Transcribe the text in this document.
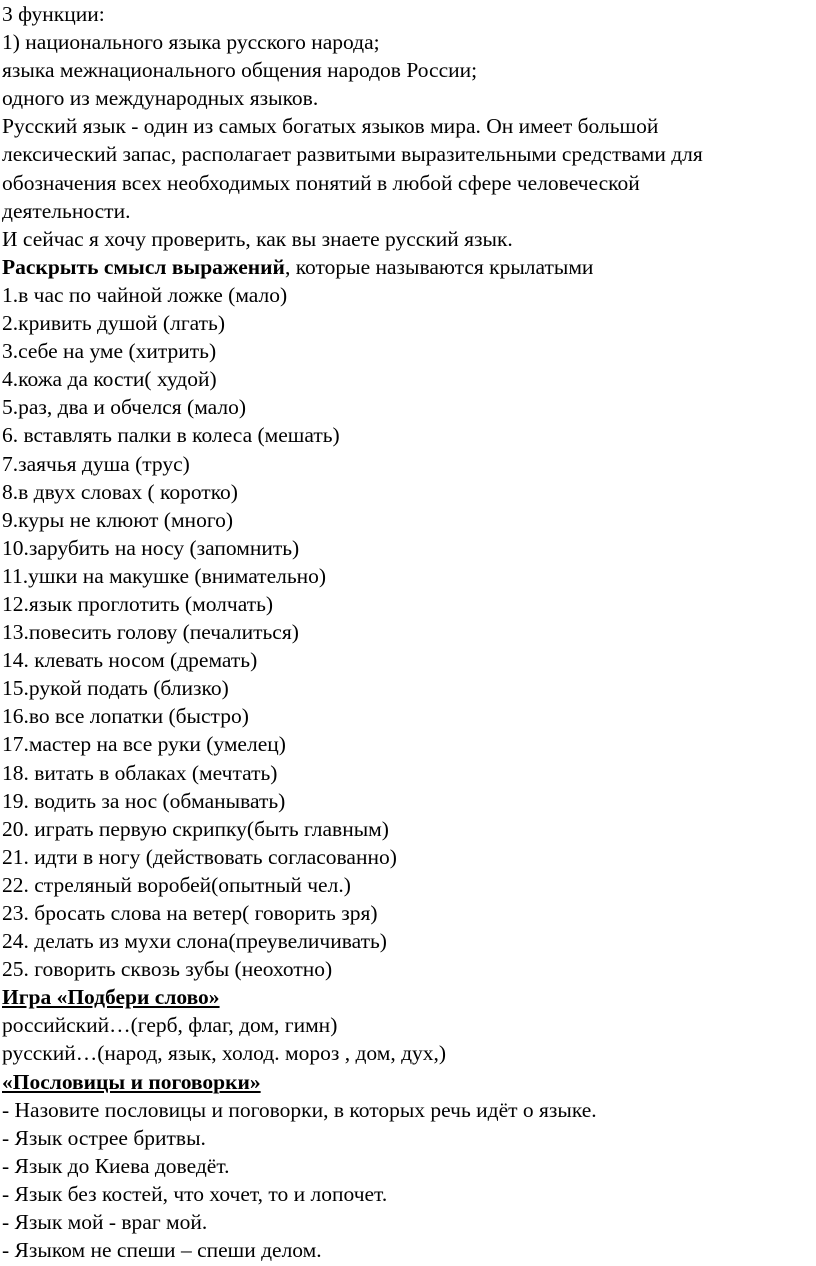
3 функции:
1) национального языка русского народа;
языка межнационального общения народов России;
одного из международных языков.
Русский язык - один из самых богатых языков мира. Он имеет большой
лексический запас, располагает развитыми выразительными средствами для
обозначения всех необходимых понятий в любой сфере человеческой
деятельности.
И сейчас я хочу проверить, как вы знаете русский язык.
Раскрыть смысл выражений, которые называются крылатыми
1.в час по чайной ложке (мало)
2.кривить душой (лгать)
3.себе на уме (хитрить)
4.кожа да кости( худой)
5.раз, два и обчелся (мало)
6. вставлять палки в колеса (мешать)
7.заячья душа (трус)
8.в двух словах ( коротко)
9.куры не клюют (много)
10.зарубить на носу (запомнить)
11.ушки на макушке (внимательно)
12.язык проглотить (молчать)
13.повесить голову (печалиться)
14. клевать носом (дремать)
15.рукой подать (близко)
16.во все лопатки (быстро)
17.мастер на все руки (умелец)
18. витать в облаках (мечтать)
19. водить за нос (обманывать)
20. играть первую скрипку(быть главным)
21. идти в ногу (действовать согласованно)
22. стреляный воробей(опытный чел.)
23. бросать слова на ветер( говорить зря)
24. делать из мухи слона(преувеличивать)
25. говорить сквозь зубы (неохотно)
Игра «Подбери слово»
российский…(герб, флаг, дом, гимн)
русский…(народ, язык, холод. мороз , дом, дух,)
«Пословицы и поговорки»
- Назовите пословицы и поговорки, в которых речь идёт о языке.
- Язык острее бритвы.
- Язык до Киева доведёт.
- Язык без костей, что хочет, то и лопочет.
- Язык мой - враг мой.
- Языком не спеши – спеши делом.
